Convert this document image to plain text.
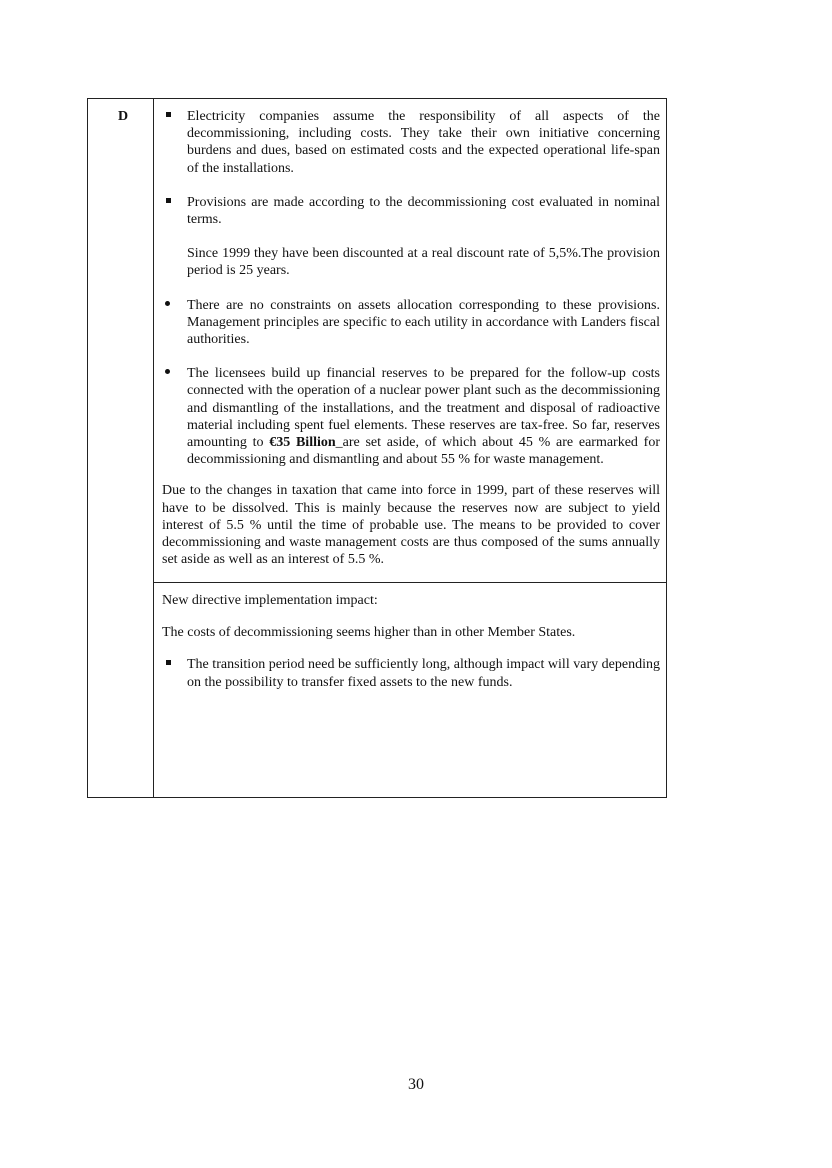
D	Electricity companies assume the responsibility of all aspects of the decommissioning, including costs. They take their own initiative concerning burdens and dues, based on estimated costs and the expected operational life-span of the installations.

Provisions are made according to the decommissioning cost evaluated in nominal terms.

Since 1999 they have been discounted at a real discount rate of 5,5%.The provision period is 25 years.

There are no constraints on assets allocation corresponding to these provisions. Management principles are specific to each utility in accordance with Landers fiscal authorities.

The licensees build up financial reserves to be prepared for the follow-up costs connected with the operation of a nuclear power plant such as the decommissioning and dismantling of the installations, and the treatment and disposal of radioactive material including spent fuel elements. These reserves are tax-free. So far, reserves amounting to €35 Billion_are set aside, of which about 45 % are earmarked for decommissioning and dismantling and about 55 % for waste management.

Due to the changes in taxation that came into force in 1999, part of these reserves will have to be dissolved. This is mainly because the reserves now are subject to yield interest of 5.5 % until the time of probable use. The means to be provided to cover decommissioning and waste management costs are thus composed of the sums annually set aside as well as an interest of 5.5 %.

New directive implementation impact:

The costs of decommissioning seems higher than in other Member States.

The transition period need be sufficiently long, although impact will vary depending on the possibility to transfer fixed assets to the new funds.

30
